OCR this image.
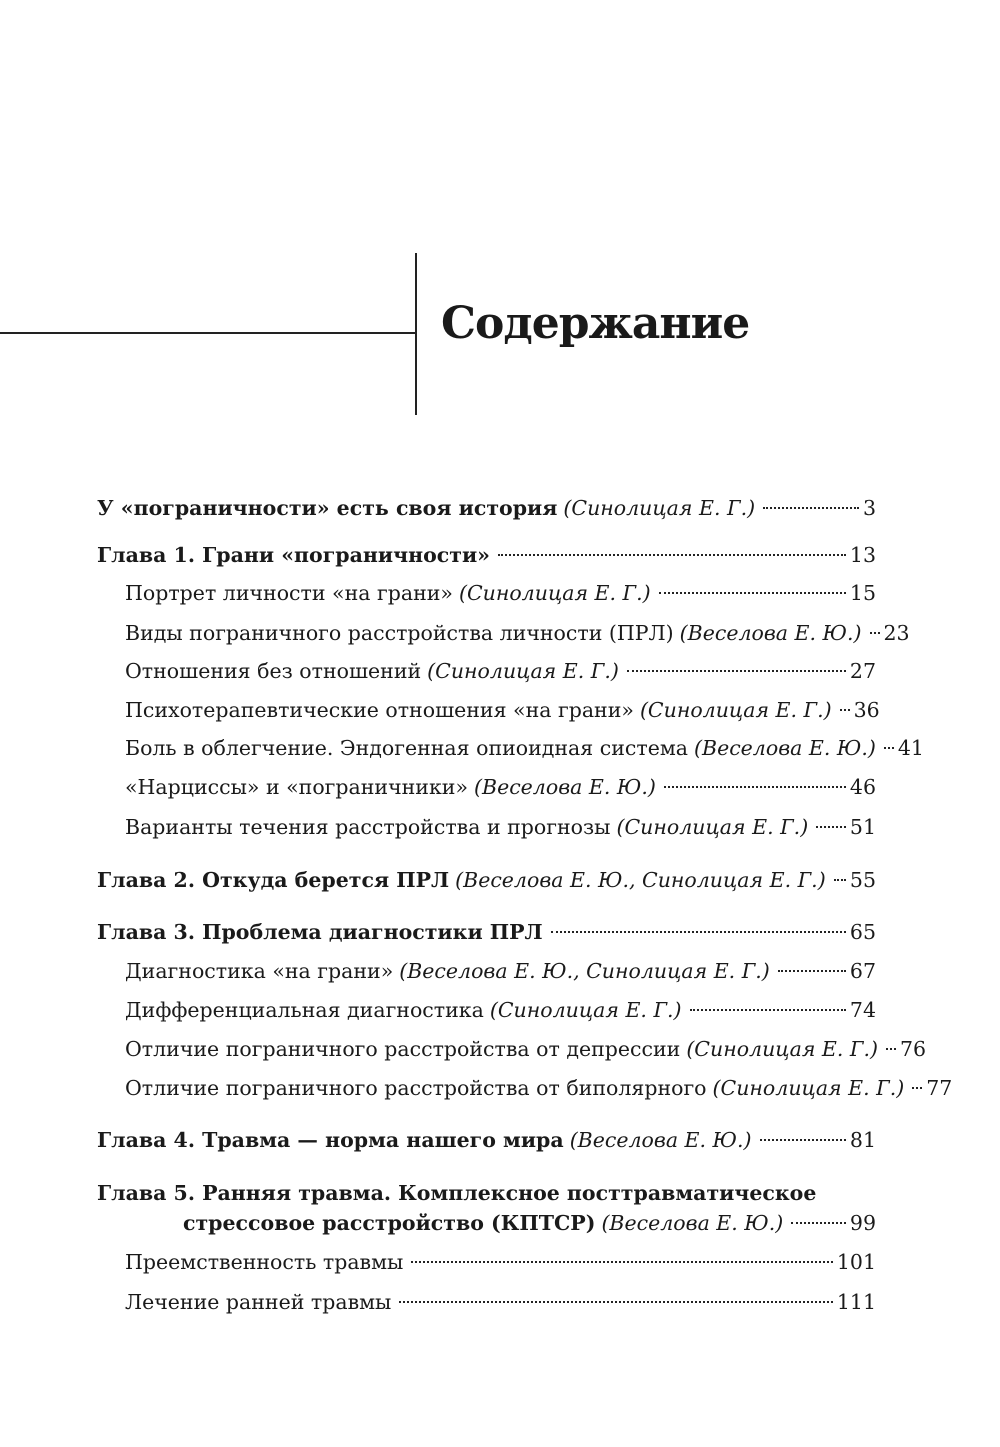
Содержание
У «пограничности» есть своя история (Синолицая Е. Г.)	3
Глава 1. Грани «пограничности»	13
Портрет личности «на грани» (Синолицая Е. Г.)	15
Виды пограничного расстройства личности (ПРЛ) (Веселова Е. Ю.) 23
Отношения без отношений (Синолицая Е. Г.)	27
Психотерапевтические отношения «на грани» (Синолицая Е. Г.) 36
Боль в облегчение. Эндогенная опиоидная система (Веселова Е. Ю.) 41
«Нарциссы» и «пограничники» (Веселова Е. Ю.)	46
Варианты течения расстройства и прогнозы (Синолицая Е. Г.) 51
Глава 2. Откуда берется ПРЛ (Веселова Е. Ю., Синолицая Е. Г.) 55
Глава 3. Проблема диагностики ПРЛ	65
Диагностика «на грани» (Веселова Е. Ю., Синолицая Е. Г.)	67
Дифференциальная диагностика (Синолицая Е. Г.)	74
Отличие пограничного расстройства от депрессии (Синолицая Е. Г.) 76
Отличие пограничного расстройства от биполярного (Синолицая Е. Г.) 77
Глава 4. Травма — норма нашего мира (Веселова Е. Ю.)	81
Глава 5. Ранняя травма. Комплексное посттравматическое
стрессовое расстройство (КПТСР) (Веселова Е. Ю.)	99
Преемственность травмы	101
Лечение ранней травмы	111
